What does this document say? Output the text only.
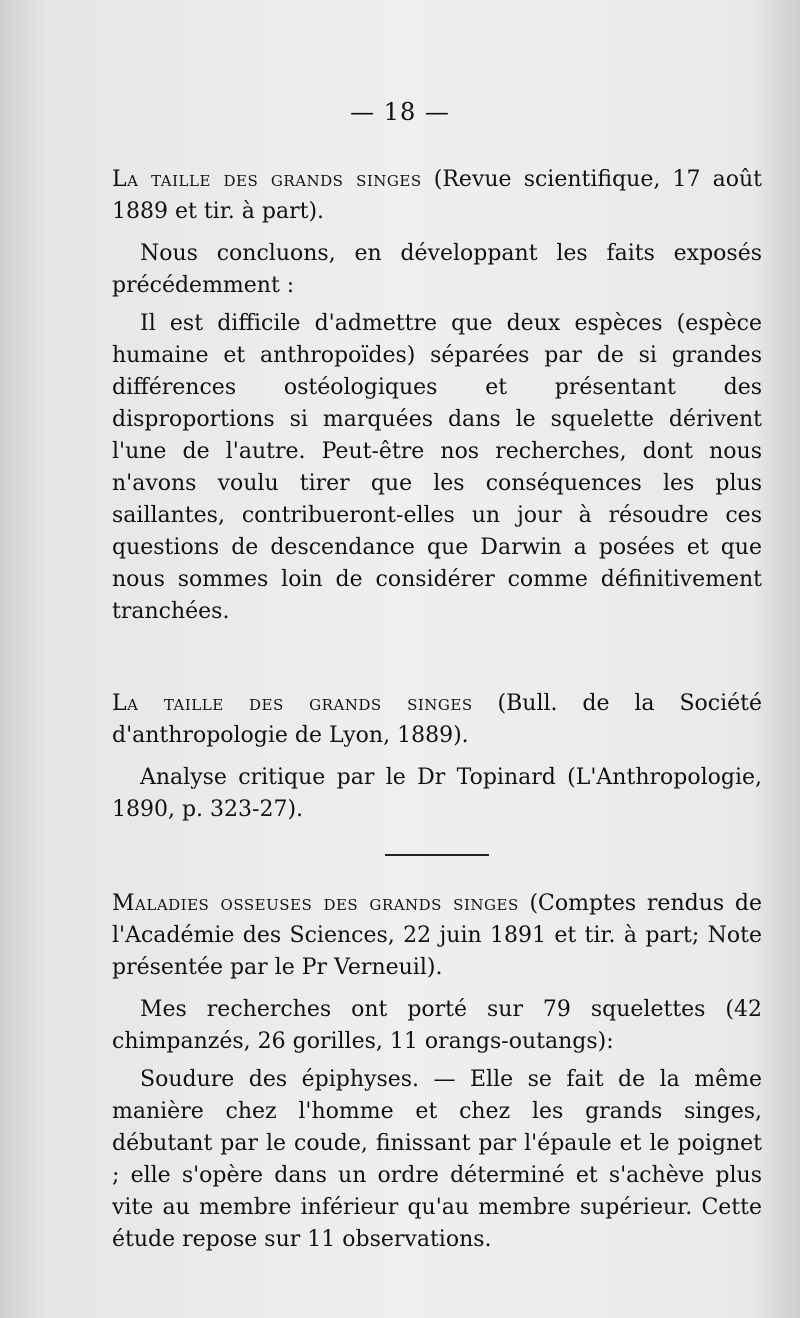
— 18 —

La taille des grands singes (Revue scientifique, 17 août 1889 et tir. à part).

Nous concluons, en développant les faits exposés précédemment :

Il est difficile d'admettre que deux espèces (espèce humaine et anthropoïdes) séparées par de si grandes différences ostéologiques et présentant des disproportions si marquées dans le squelette dérivent l'une de l'autre. Peut-être nos recherches, dont nous n'avons voulu tirer que les conséquences les plus saillantes, contribueront-elles un jour à résoudre ces questions de descendance que Darwin a posées et que nous sommes loin de considérer comme définitivement tranchées.

La taille des grands singes (Bull. de la Société d'anthropologie de Lyon, 1889).

Analyse critique par le Dr Topinard (L'Anthropologie, 1890, p. 323-27).

Maladies osseuses des grands singes (Comptes rendus de l'Académie des Sciences, 22 juin 1891 et tir. à part; Note présentée par le Pr Verneuil).

Mes recherches ont porté sur 79 squelettes (42 chimpanzés, 26 gorilles, 11 orangs-outangs):

Soudure des épiphyses. — Elle se fait de la même manière chez l'homme et chez les grands singes, débutant par le coude, finissant par l'épaule et le poignet ; elle s'opère dans un ordre déterminé et s'achève plus vite au membre inférieur qu'au membre supérieur. Cette étude repose sur 11 observations.
